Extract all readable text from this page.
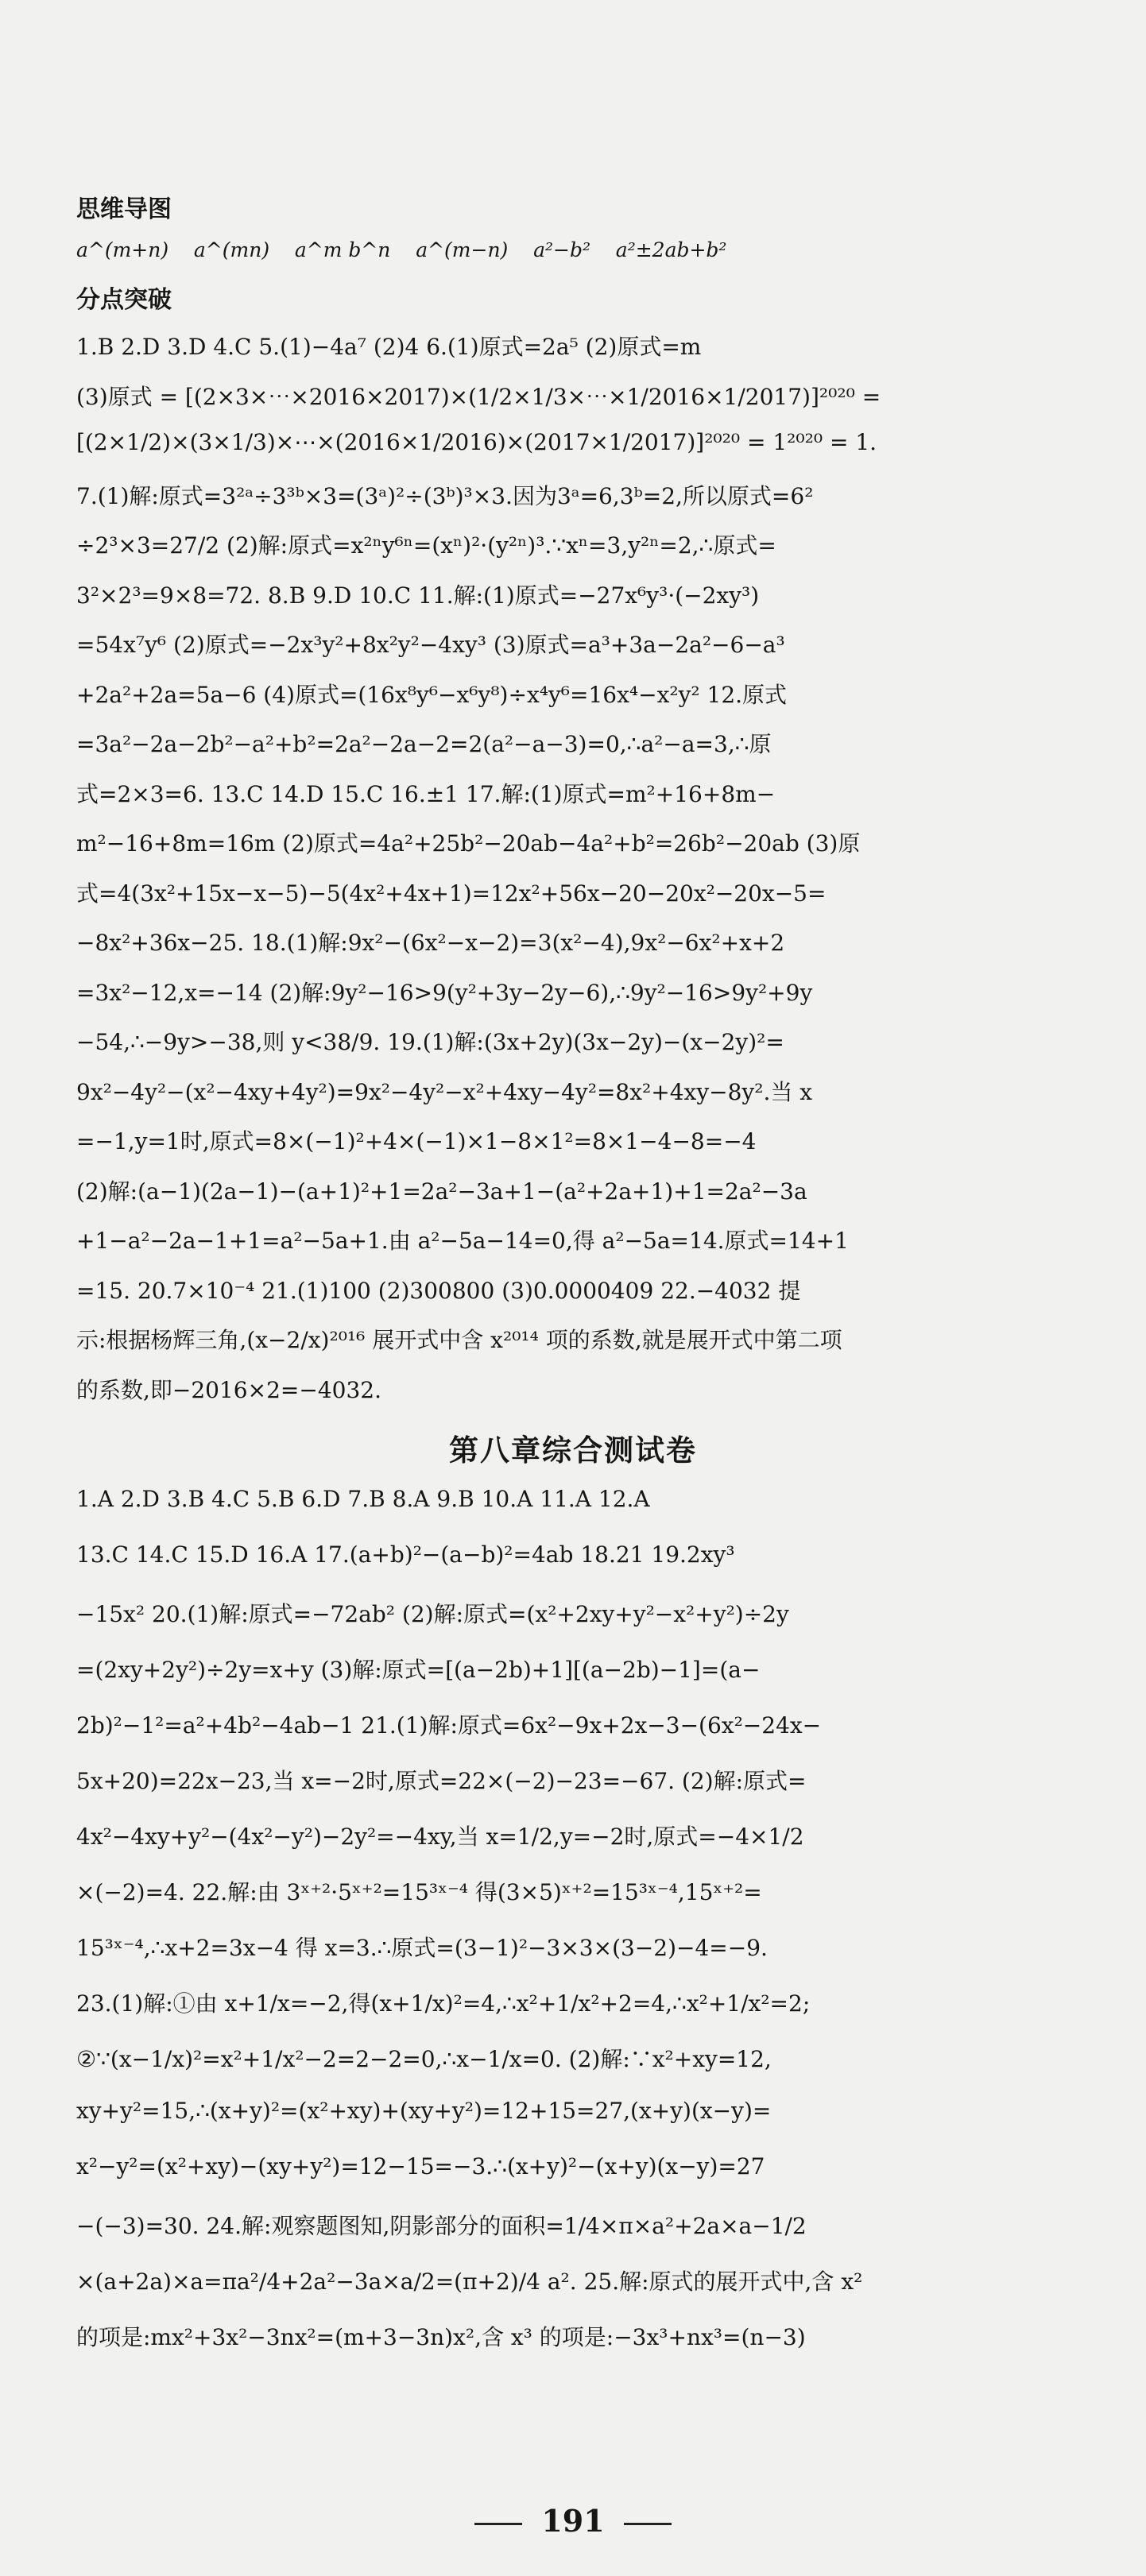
思维导图
a^(m+n)    a^(mn)    a^m b^n    a^(m−n)    a²−b²    a²±2ab+b²
分点突破
1.B 2.D 3.D 4.C 5.(1)−4a⁷ (2)4 6.(1)原式=2a⁵ (2)原式=m
(3)原式 = [(2×3×⋯×2016×2017)×(1/2×1/3×⋯×1/2016×1/2017)]²⁰²⁰ =
[(2×1/2)×(3×1/3)×⋯×(2016×1/2016)×(2017×1/2017)]²⁰²⁰ = 1²⁰²⁰ = 1.
7.(1)解:原式=3²ᵃ÷3³ᵇ×3=(3ᵃ)²÷(3ᵇ)³×3.因为3ᵃ=6,3ᵇ=2,所以原式=6²
÷2³×3=27/2 (2)解:原式=x²ⁿy⁶ⁿ=(xⁿ)²·(y²ⁿ)³.∵xⁿ=3,y²ⁿ=2,∴原式=
3²×2³=9×8=72. 8.B 9.D 10.C 11.解:(1)原式=−27x⁶y³·(−2xy³)
=54x⁷y⁶ (2)原式=−2x³y²+8x²y²−4xy³ (3)原式=a³+3a−2a²−6−a³
+2a²+2a=5a−6 (4)原式=(16x⁸y⁶−x⁶y⁸)÷x⁴y⁶=16x⁴−x²y² 12.原式
=3a²−2a−2b²−a²+b²=2a²−2a−2=2(a²−a−3)=0,∴a²−a=3,∴原
式=2×3=6. 13.C 14.D 15.C 16.±1 17.解:(1)原式=m²+16+8m−
m²−16+8m=16m (2)原式=4a²+25b²−20ab−4a²+b²=26b²−20ab (3)原
式=4(3x²+15x−x−5)−5(4x²+4x+1)=12x²+56x−20−20x²−20x−5=
−8x²+36x−25. 18.(1)解:9x²−(6x²−x−2)=3(x²−4),9x²−6x²+x+2
=3x²−12,x=−14 (2)解:9y²−16>9(y²+3y−2y−6),∴9y²−16>9y²+9y
−54,∴−9y>−38,则 y<38/9. 19.(1)解:(3x+2y)(3x−2y)−(x−2y)²=
9x²−4y²−(x²−4xy+4y²)=9x²−4y²−x²+4xy−4y²=8x²+4xy−8y².当 x
=−1,y=1时,原式=8×(−1)²+4×(−1)×1−8×1²=8×1−4−8=−4
(2)解:(a−1)(2a−1)−(a+1)²+1=2a²−3a+1−(a²+2a+1)+1=2a²−3a
+1−a²−2a−1+1=a²−5a+1.由 a²−5a−14=0,得 a²−5a=14.原式=14+1
=15. 20.7×10⁻⁴ 21.(1)100 (2)300800 (3)0.0000409 22.−4032 提
示:根据杨辉三角,(x−2/x)²⁰¹⁶ 展开式中含 x²⁰¹⁴ 项的系数,就是展开式中第二项
的系数,即−2016×2=−4032.
第八章综合测试卷
1.A 2.D 3.B 4.C 5.B 6.D 7.B 8.A 9.B 10.A 11.A 12.A
13.C 14.C 15.D 16.A 17.(a+b)²−(a−b)²=4ab 18.21 19.2xy³
−15x² 20.(1)解:原式=−72ab² (2)解:原式=(x²+2xy+y²−x²+y²)÷2y
=(2xy+2y²)÷2y=x+y (3)解:原式=[(a−2b)+1][(a−2b)−1]=(a−
2b)²−1²=a²+4b²−4ab−1 21.(1)解:原式=6x²−9x+2x−3−(6x²−24x−
5x+20)=22x−23,当 x=−2时,原式=22×(−2)−23=−67. (2)解:原式=
4x²−4xy+y²−(4x²−y²)−2y²=−4xy,当 x=1/2,y=−2时,原式=−4×1/2
×(−2)=4. 22.解:由 3ˣ⁺²·5ˣ⁺²=15³ˣ⁻⁴ 得(3×5)ˣ⁺²=15³ˣ⁻⁴,15ˣ⁺²=
15³ˣ⁻⁴,∴x+2=3x−4 得 x=3.∴原式=(3−1)²−3×3×(3−2)−4=−9.
23.(1)解:①由 x+1/x=−2,得(x+1/x)²=4,∴x²+1/x²+2=4,∴x²+1/x²=2;
②∵(x−1/x)²=x²+1/x²−2=2−2=0,∴x−1/x=0. (2)解:∵x²+xy=12,
xy+y²=15,∴(x+y)²=(x²+xy)+(xy+y²)=12+15=27,(x+y)(x−y)=
x²−y²=(x²+xy)−(xy+y²)=12−15=−3.∴(x+y)²−(x+y)(x−y)=27
−(−3)=30. 24.解:观察题图知,阴影部分的面积=1/4×π×a²+2a×a−1/2
×(a+2a)×a=πa²/4+2a²−3a×a/2=(π+2)/4 a². 25.解:原式的展开式中,含 x²
的项是:mx²+3x²−3nx²=(m+3−3n)x²,含 x³ 的项是:−3x³+nx³=(n−3)
191
